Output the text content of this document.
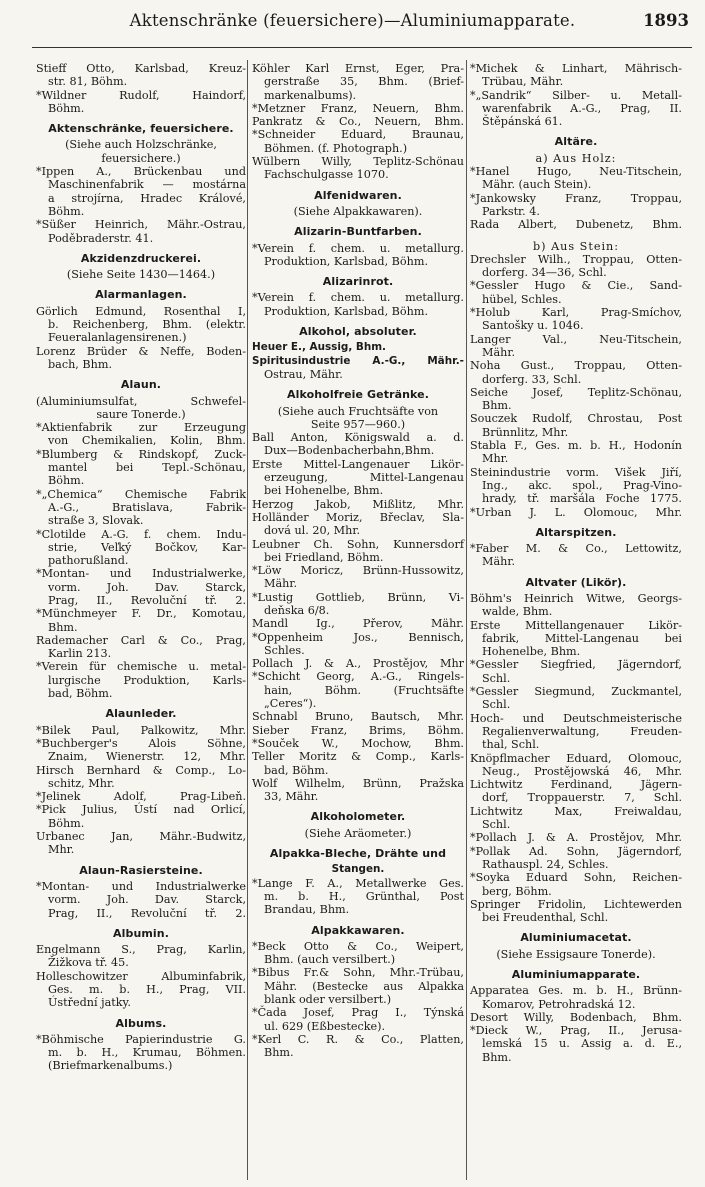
Aktenschränke (feuersichere)—Aluminiumapparate.	1893
Stieff Otto, Karlsbad, Kreuz-
str. 81, Böhm.
*Wildner Rudolf, Haindorf,
Böhm.
Aktenschränke, feuersichere.
(Siehe auch Holzschränke,
feuersichere.)
*Ippen A., Brückenbau und
Maschinenfabrik — mostárna
a strojírna, Hradec Králové,
Böhm.
*Süßer Heinrich, Mähr.-Ostrau,
Poděbraderstr. 41.
Akzidenzdruckerei.
(Siehe Seite 1430—1464.)
Alarmanlagen.
Görlich Edmund, Rosenthal I,
b. Reichenberg, Bhm. (elektr.
Feueralanlagensirenen.)
Lorenz Brüder & Neffe, Boden-
bach, Bhm.
Alaun.
(Aluminiumsulfat, Schwefel-
saure Tonerde.)
*Aktienfabrik zur Erzeugung
von Chemikalien, Kolin, Bhm.
*Blumberg & Rindskopf, Zuck-
mantel bei Tepl.-Schönau,
Böhm.
*„Chemica“ Chemische Fabrik
A.-G., Bratislava, Fabrik-
straße 3, Slovak.
*Clotilde A.-G. f. chem. Indu-
strie, Veľký Bočkov, Kar-
pathorußland.
*Montan- und Industrialwerke,
vorm. Joh. Dav. Starck,
Prag, II., Revoluční tř. 2.
*Münchmeyer F. Dr., Komotau,
Bhm.
Rademacher Carl & Co., Prag,
Karlin 213.
*Verein für chemische u. metal-
lurgische Produktion, Karls-
bad, Böhm.
Alaunleder.
*Bilek Paul, Palkowitz, Mhr.
*Buchberger's Alois Söhne,
Znaim, Wienerstr. 12, Mhr.
Hirsch Bernhard & Comp., Lo-
schitz, Mhr.
*Jelinek Adolf, Prag-Libeň.
*Pick Julius, Ústí nad Orlicí,
Böhm.
Urbanec Jan, Mähr.-Budwitz,
Mhr.
Alaun-Rasiersteine.
*Montan- und Industrialwerke
vorm. Joh. Dav. Starck,
Prag, II., Revoluční tř. 2.
Albumin.
Engelmann S., Prag, Karlin,
Žižkova tř. 45.
Holleschowitzer Albuminfabrik,
Ges. m. b. H., Prag, VII.
Ústřední jatky.
Albums.
*Böhmische Papierindustrie G.
m. b. H., Krumau, Böhmen.
(Briefmarkenalbums.)
Köhler Karl Ernst, Eger, Pra-
gerstraße 35, Bhm. (Brief-
markenalbums).
*Metzner Franz, Neuern, Bhm.
Pankratz & Co., Neuern, Bhm.
*Schneider Eduard, Braunau,
Böhmen. (f. Photograph.)
Wülbern Willy, Teplitz-Schönau
Fachschulgasse 1070.
Alfenidwaren.
(Siehe Alpakkawaren).
Alizarin-Buntfarben.
*Verein f. chem. u. metallurg.
Produktion, Karlsbad, Böhm.
Alizarinrot.
*Verein f. chem. u. metallurg.
Produktion, Karlsbad, Böhm.
Alkohol, absoluter.
Heuer E., Aussig, Bhm.
Spiritusindustrie A.-G., Mähr.-
Ostrau, Mähr.
Alkoholfreie Getränke.
(Siehe auch Fruchtsäfte von
Seite 957—960.)
Ball Anton, Königswald a. d.
Dux—Bodenbacherbahn,Bhm.
Erste Mittel-Langenauer Likör-
erzeugung, Mittel-Langenau
bei Hohenelbe, Bhm.
Herzog Jakob, Mißlitz, Mhr.
Holländer Moriz, Břeclav, Sla-
dová ul. 20, Mhr.
Leubner Ch. Sohn, Kunnersdorf
bei Friedland, Böhm.
*Löw Moricz, Brünn-Hussowitz,
Mähr.
*Lustig Gottlieb, Brünn, Vi-
deňska 6/8.
Mandl Ig., Přerov, Mähr.
*Oppenheim Jos., Bennisch,
Schles.
Pollach J. & A., Prostějov, Mhr
*Schicht Georg, A.-G., Ringels-
hain, Böhm. (Fruchtsäfte
„Ceres“).
Schnabl Bruno, Bautsch, Mhr.
Sieber Franz, Brims, Böhm.
*Souček W., Mochow, Bhm.
Teller Moritz & Comp., Karls-
bad, Böhm.
Wolf Wilhelm, Brünn, Pražska
33, Mähr.
Alkoholometer.
(Siehe Aräometer.)
Alpakka-Bleche, Drähte und
Stangen.
*Lange F. A., Metallwerke Ges.
m. b. H., Grünthal, Post
Brandau, Bhm.
Alpakkawaren.
*Beck Otto & Co., Weipert,
Bhm. (auch versilbert.)
*Bibus Fr.& Sohn, Mhr.-Trübau,
Mähr. (Bestecke aus Alpakka
blank oder versilbert.)
*Čada Josef, Prag I., Týnská
ul. 629 (Eßbestecke).
*Kerl C. R. & Co., Platten,
Bhm.
*Michek & Linhart, Mährisch-
Trübau, Mähr.
*„Sandrik“ Silber- u. Metall-
warenfabrik A.-G., Prag, II.
Štěpánská 61.
Altäre.
a) Aus Holz:
*Hanel Hugo, Neu-Titschein,
Mähr. (auch Stein).
*Jankowsky Franz, Troppau,
Parkstr. 4.
Rada Albert, Dubenetz, Bhm.
b) Aus Stein:
Drechsler Wilh., Troppau, Otten-
dorferg. 34—36, Schl.
*Gessler Hugo & Cie., Sand-
hübel, Schles.
*Holub Karl, Prag-Smíchov,
Santošky u. 1046.
Langer Val., Neu-Titschein,
Mähr.
Noha Gust., Troppau, Otten-
dorferg. 33, Schl.
Seiche Josef, Teplitz-Schönau,
Bhm.
Souczek Rudolf, Chrostau, Post
Brünnlitz, Mhr.
Stabla F., Ges. m. b. H., Hodonín
Mhr.
Steinindustrie vorm. Višek Jiří,
Ing., akc. spol., Prag-Vino-
hrady, tř. maršála Foche 1775.
*Urban J. L. Olomouc, Mhr.
Altarspitzen.
*Faber M. & Co., Lettowitz,
Mähr.
Altvater (Likör).
Böhm's Heinrich Witwe, Georgs-
walde, Bhm.
Erste Mittellangenauer Likör-
fabrik, Mittel-Langenau bei
Hohenelbe, Bhm.
*Gessler Siegfried, Jägerndorf,
Schl.
*Gessler Siegmund, Zuckmantel,
Schl.
Hoch- und Deutschmeisterische
Regalienverwaltung, Freuden-
thal, Schl.
Knöpflmacher Eduard, Olomouc,
Neug., Prostějowská 46, Mhr.
Lichtwitz Ferdinand, Jägern-
dorf, Troppauerstr. 7, Schl.
Lichtwitz Max, Freiwaldau,
Schl.
*Pollach J. & A. Prostějov, Mhr.
*Pollak Ad. Sohn, Jägerndorf,
Rathauspl. 24, Schles.
*Soyka Eduard Sohn, Reichen-
berg, Böhm.
Springer Fridolin, Lichtewerden
bei Freudenthal, Schl.
Aluminiumacetat.
(Siehe Essigsaure Tonerde).
Aluminiumapparate.
Apparatea Ges. m. b. H., Brünn-
Komarov, Petrohradská 12.
Desort Willy, Bodenbach, Bhm.
*Dieck W., Prag, II., Jerusa-
lemská 15 u. Assig a. d. E.,
Bhm.
